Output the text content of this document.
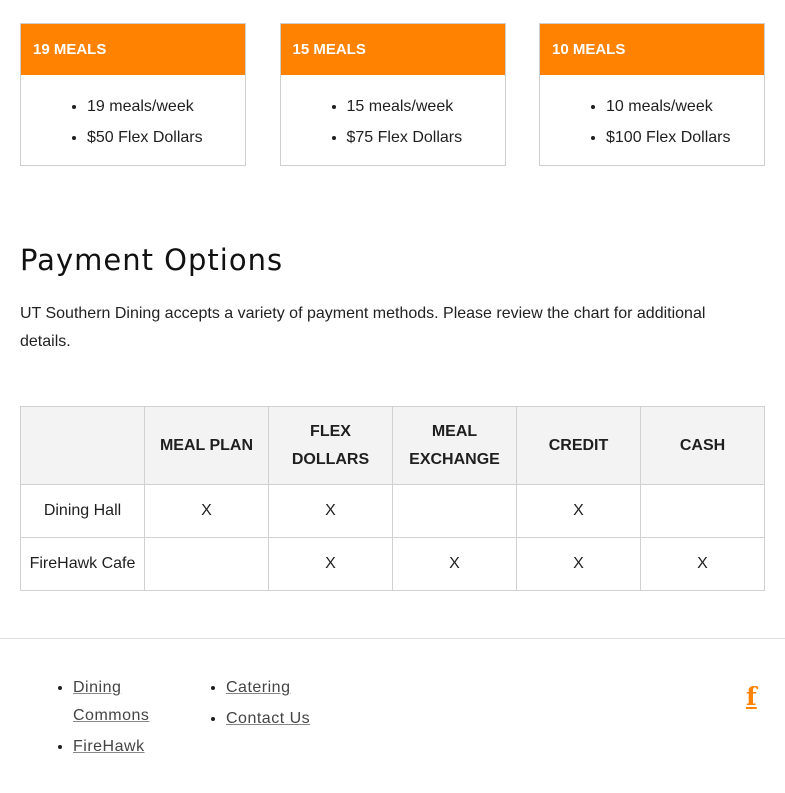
19 MEALS
• 19 meals/week
• $50 Flex Dollars
15 MEALS
• 15 meals/week
• $75 Flex Dollars
10 MEALS
• 10 meals/week
• $100 Flex Dollars
Payment Options

UT Southern Dining accepts a variety of payment methods. Please review the chart for additional details.

	MEAL PLAN	FLEX DOLLARS	MEAL EXCHANGE	CREDIT	CASH
Dining Hall	X	X		X	
FireHawk Cafe		X	X	X	X
• Dining Commons
• FireHawk
• Catering
• Contact Us
f
